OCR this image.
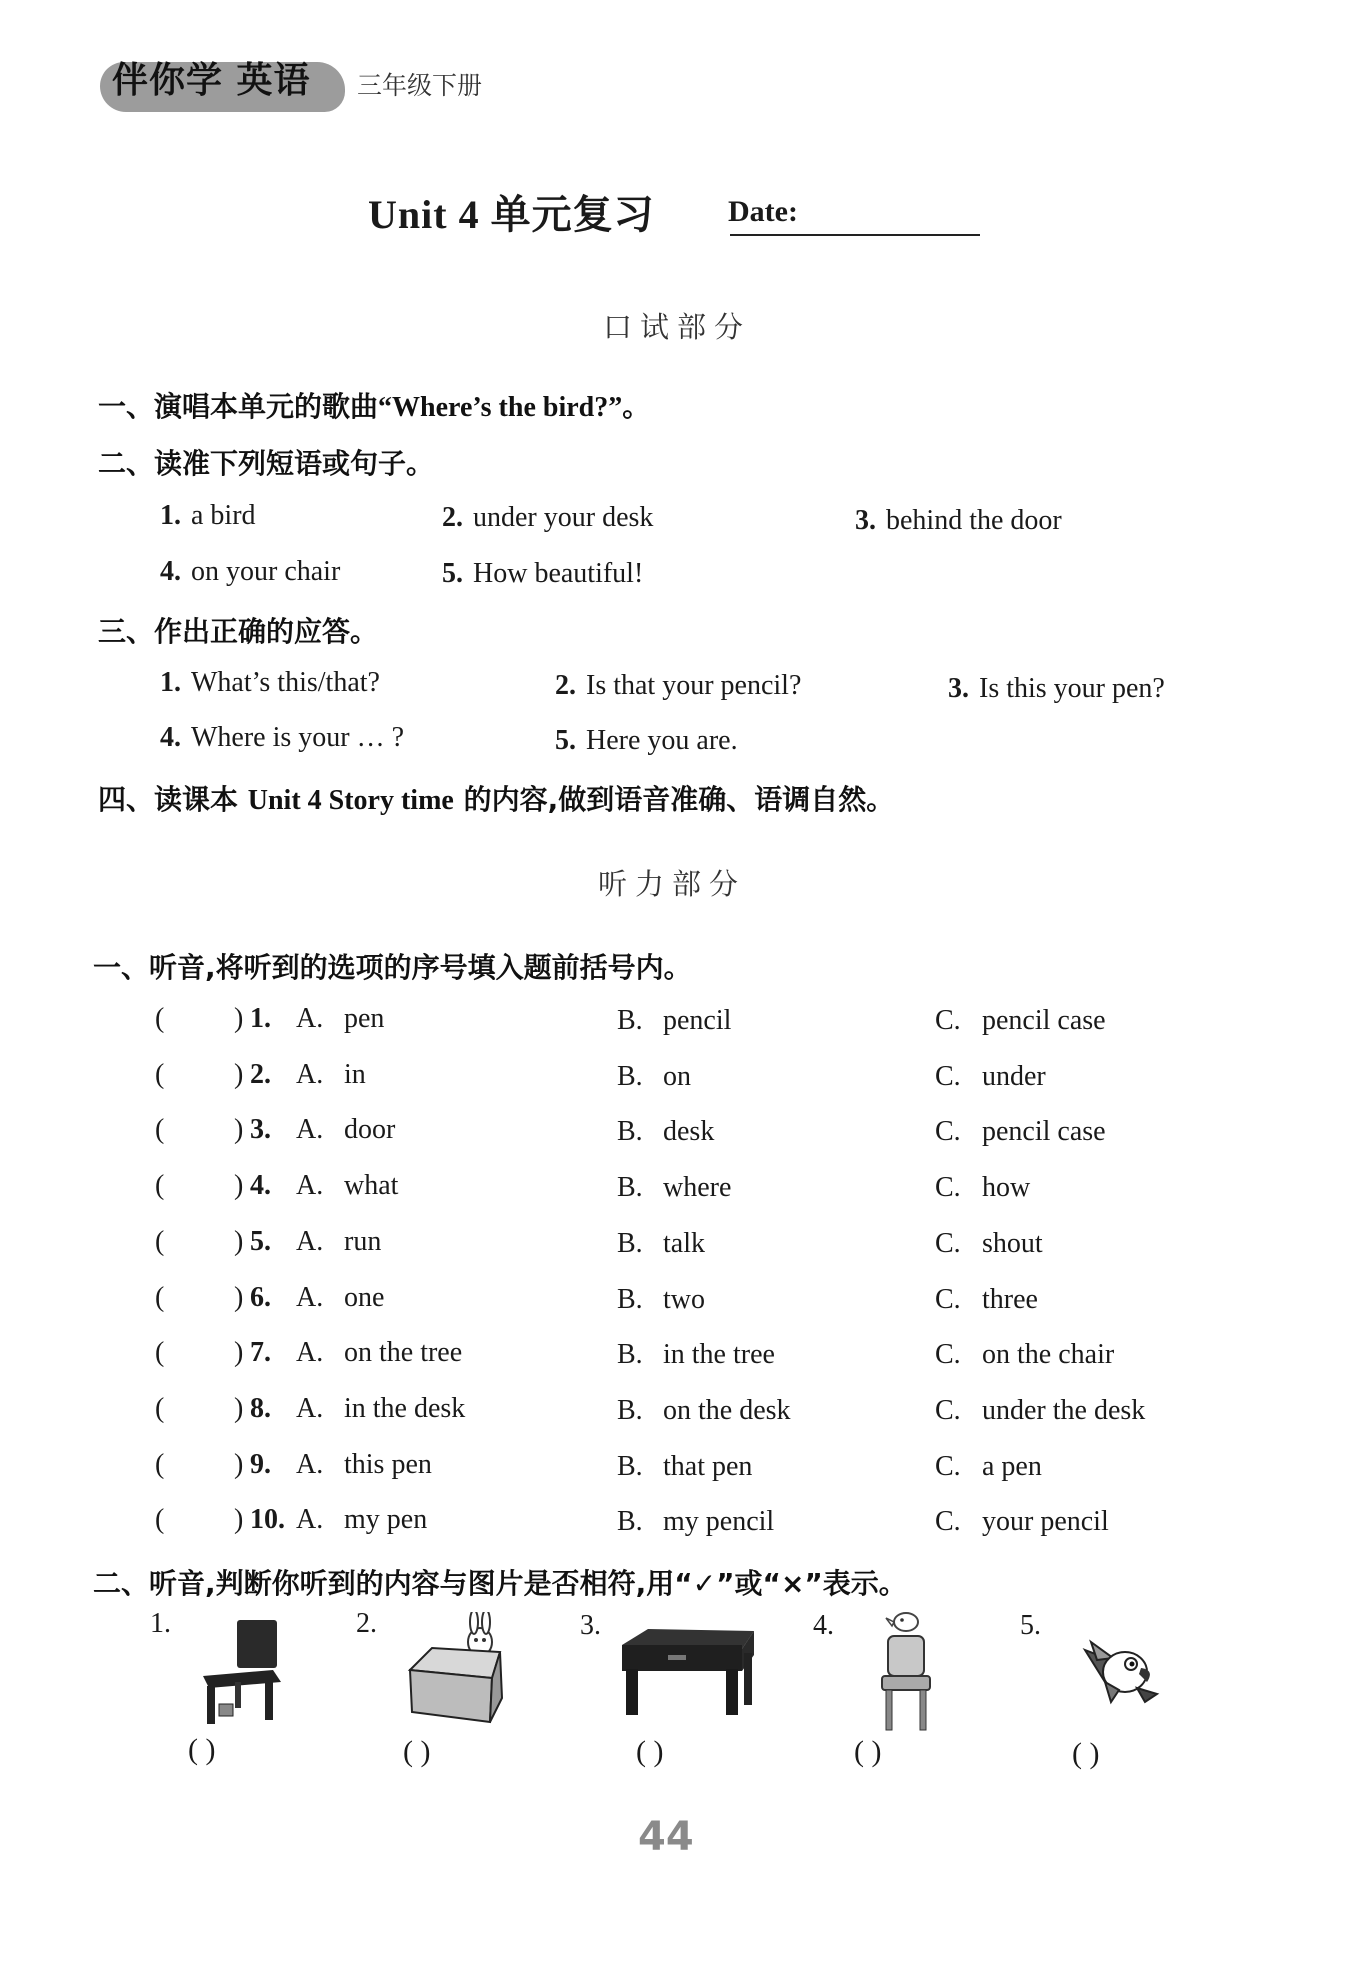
伴你学 英语 三年级下册
Unit 4 单元复习 Date:
口试部分
一、演唱本单元的歌曲“Where’s the bird?”。
二、读准下列短语或句子。
1. a bird	2. under your desk	3. behind the door
4. on your chair	5. How beautiful!
三、作出正确的应答。
1. What’s this/that?	2. Is that your pencil?	3. Is this your pen?
4. Where is your … ?	5. Here you are.
四、读课本 Unit 4 Story time 的内容,做到语音准确、语调自然。
听力部分
一、听音,将听到的选项的序号填入题前括号内。
( ) 1. A. pen	B. pencil	C. pencil case
( ) 2. A. in	B. on	C. under
( ) 3. A. door	B. desk	C. pencil case
( ) 4. A. what	B. where	C. how
( ) 5. A. run	B. talk	C. shout
( ) 6. A. one	B. two	C. three
( ) 7. A. on the tree	B. in the tree	C. on the chair
( ) 8. A. in the desk	B. on the desk	C. under the desk
( ) 9. A. this pen	B. that pen	C. a pen
( ) 10. A. my pen	B. my pencil	C. your pencil
二、听音,判断你听到的内容与图片是否相符,用“✓”或“×”表示。
1.	2.	3.	4.	5.
( )	( )	( )	( )	( )
44
